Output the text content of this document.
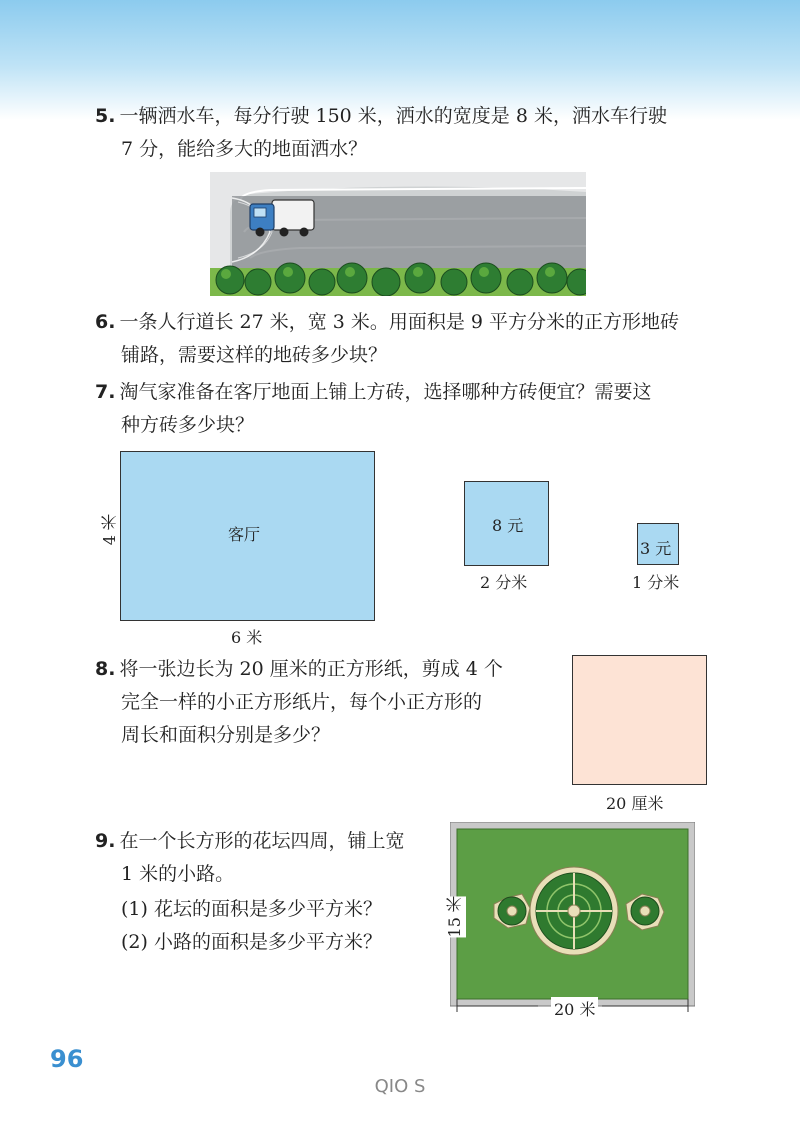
5. 一辆洒水车，每分行驶 150 米，洒水的宽度是 8 米，洒水车行驶
7 分，能给多大的地面洒水？
6. 一条人行道长 27 米，宽 3 米。用面积是 9 平方分米的正方形地砖
铺路，需要这样的地砖多少块？
7. 淘气家准备在客厅地面上铺上方砖，选择哪种方砖便宜？需要这
种方砖多少块？
客厅
4 米
6 米
8 元
2 分米
3 元
1 分米
8. 将一张边长为 20 厘米的正方形纸，剪成 4 个
完全一样的小正方形纸片，每个小正方形的
周长和面积分别是多少？
20 厘米
9. 在一个长方形的花坛四周，铺上宽
1 米的小路。
(1) 花坛的面积是多少平方米？
(2) 小路的面积是多少平方米？
20 米
15 米
96
QIO S
